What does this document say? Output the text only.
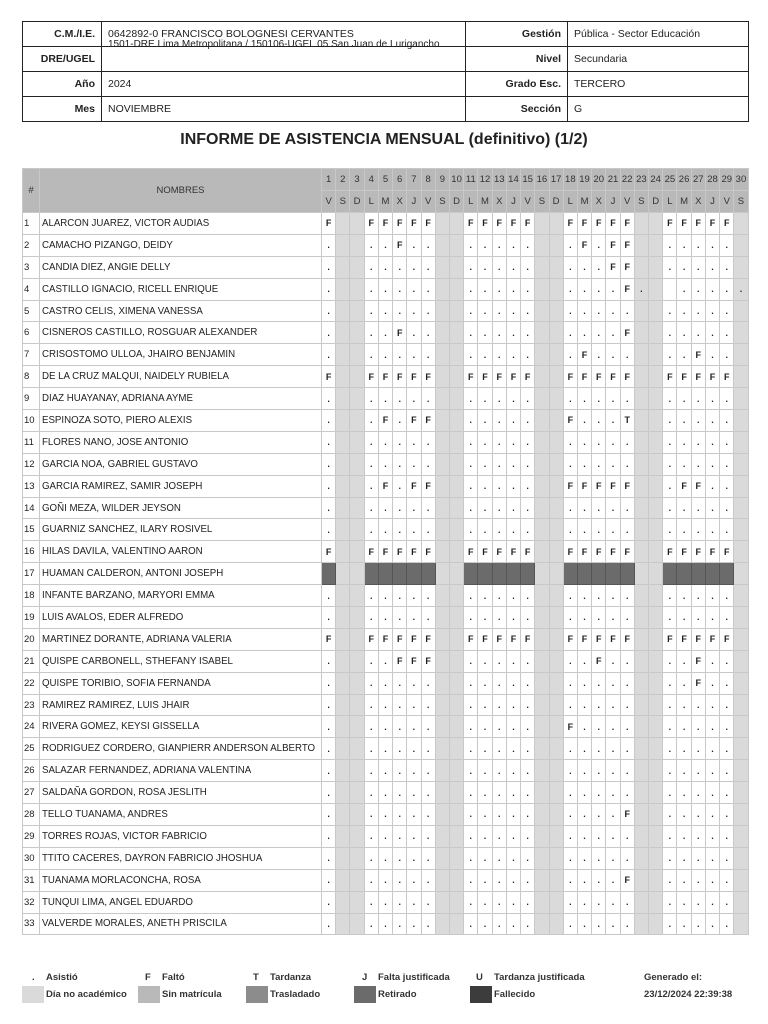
C.M./I.E.	0642892-0 FRANCISCO BOLOGNESI CERVANTES	Gestión	Pública - Sector Educación
DRE/UGEL	1501-DRE Lima Metropolitana / 150106-UGEL 05 San Juan de Lurigancho	Nivel	Secundaria
Año	2024	Grado Esc.	TERCERO
Mes	NOVIEMBRE	Sección	G
INFORME DE ASISTENCIA MENSUAL (definitivo) (1/2)
#	NOMBRES	1	2	3	4	5	6	7	8	9	10	11	12	13	14	15	16	17	18	19	20	21	22	23	24	25	26	27	28	29	30
		V	S	D	L	M	X	J	V	S	D	L	M	X	J	V	S	D	L	M	X	J	V	S	D	L	M	X	J	V	S
1	ALARCON JUAREZ, VICTOR AUDIAS	F			F	F	F	F	F			F	F	F	F	F			F	F	F	F	F			F	F	F	F	F	
2	CAMACHO PIZANGO, DEIDY	.			.	.	F	.	.			.	.	.	.	.			.	F	.	F	F			.	.	.	.	.	
3	CANDIA DIEZ, ANGIE DELLY	.			.	.	.	.	.			.	.	.	.	.			.	.	.	F	F			.	.	.	.	.	
4	CASTILLO IGNACIO, RICELL ENRIQUE	.			.	.	.	.	.			.	.	.	.	.			.	.	.	.	F	.			.	.	.	.	.
5	CASTRO CELIS, XIMENA VANESSA	.			.	.	.	.	.			.	.	.	.	.			.	.	.	.	.			.	.	.	.	.	
6	CISNEROS CASTILLO, ROSGUAR ALEXANDER	.			.	.	F	.	.			.	.	.	.	.			.	.	.	.	F			.	.	.	.	.	
7	CRISOSTOMO ULLOA, JHAIRO BENJAMIN	.			.	.	.	.	.			.	.	.	.	.			.	F	.	.	.			.	.	F	.	.	
8	DE LA CRUZ MALQUI, NAIDELY RUBIELA	F			F	F	F	F	F			F	F	F	F	F			F	F	F	F	F			F	F	F	F	F	
9	DIAZ HUAYANAY, ADRIANA AYME	.			.	.	.	.	.			.	.	.	.	.			.	.	.	.	.			.	.	.	.	.	
10	ESPINOZA SOTO, PIERO ALEXIS	.			.	F	.	F	F			.	.	.	.	.			F	.	.	.	T			.	.	.	.	.	
11	FLORES NANO, JOSE ANTONIO	.			.	.	.	.	.			.	.	.	.	.			.	.	.	.	.			.	.	.	.	.	
12	GARCIA NOA, GABRIEL GUSTAVO	.			.	.	.	.	.			.	.	.	.	.			.	.	.	.	.			.	.	.	.	.	
13	GARCIA RAMIREZ, SAMIR JOSEPH	.			.	F	.	F	F			.	.	.	.	.			F	F	F	F	F			.	F	F	.	.	
14	GOÑI MEZA, WILDER JEYSON	.			.	.	.	.	.			.	.	.	.	.			.	.	.	.	.			.	.	.	.	.	
15	GUARNIZ SANCHEZ, ILARY ROSIVEL	.			.	.	.	.	.			.	.	.	.	.			.	.	.	.	.			.	.	.	.	.	
16	HILAS DAVILA, VALENTINO AARON	F			F	F	F	F	F			F	F	F	F	F			F	F	F	F	F			F	F	F	F	F	
17	HUAMAN CALDERON, ANTONI JOSEPH																														
18	INFANTE BARZANO, MARYORI EMMA	.			.	.	.	.	.			.	.	.	.	.			.	.	.	.	.			.	.	.	.	.	
19	LUIS AVALOS, EDER ALFREDO	.			.	.	.	.	.			.	.	.	.	.			.	.	.	.	.			.	.	.	.	.	
20	MARTINEZ DORANTE, ADRIANA VALERIA	F			F	F	F	F	F			F	F	F	F	F			F	F	F	F	F			F	F	F	F	F	
21	QUISPE CARBONELL, STHEFANY ISABEL	.			.	.	F	F	F			.	.	.	.	.			.	.	F	.	.			.	.	F	.	.	
22	QUISPE TORIBIO, SOFIA FERNANDA	.			.	.	.	.	.			.	.	.	.	.			.	.	.	.	.			.	.	F	.	.	
23	RAMIREZ RAMIREZ, LUIS JHAIR	.			.	.	.	.	.			.	.	.	.	.			.	.	.	.	.			.	.	.	.	.	
24	RIVERA GOMEZ, KEYSI GISSELLA	.			.	.	.	.	.			.	.	.	.	.			F	.	.	.	.			.	.	.	.	.	
25	RODRIGUEZ CORDERO, GIANPIERR ANDERSON ALBERTO	.			.	.	.	.	.			.	.	.	.	.			.	.	.	.	.			.	.	.	.	.	
26	SALAZAR FERNANDEZ, ADRIANA VALENTINA	.			.	.	.	.	.			.	.	.	.	.			.	.	.	.	.			.	.	.	.	.	
27	SALDAÑA GORDON, ROSA JESLITH	.			.	.	.	.	.			.	.	.	.	.			.	.	.	.	.			.	.	.	.	.	
28	TELLO TUANAMA, ANDRES	.			.	.	.	.	.			.	.	.	.	.			.	.	.	.	F			.	.	.	.	.	
29	TORRES ROJAS, VICTOR FABRICIO	.			.	.	.	.	.			.	.	.	.	.			.	.	.	.	.			.	.	.	.	.	
30	TTITO CACERES, DAYRON FABRICIO JHOSHUA	.			.	.	.	.	.			.	.	.	.	.			.	.	.	.	.			.	.	.	.	.	
31	TUANAMA MORLACONCHA, ROSA	.			.	.	.	.	.			.	.	.	.	.			.	.	.	.	F			.	.	.	.	.	
32	TUNQUI LIMA, ANGEL EDUARDO	.			.	.	.	.	.			.	.	.	.	.			.	.	.	.	.			.	.	.	.	.	
33	VALVERDE MORALES, ANETH PRISCILA	.			.	.	.	.	.			.	.	.	.	.			.	.	.	.	.			.	.	.	.	.	
. Asistió	F Faltó	T Tardanza	J Falta justificada	U Tardanza justificada	Generado el:
Día no académico	Sin matrícula	Trasladado	Retirado	Fallecido	23/12/2024 22:39:38
